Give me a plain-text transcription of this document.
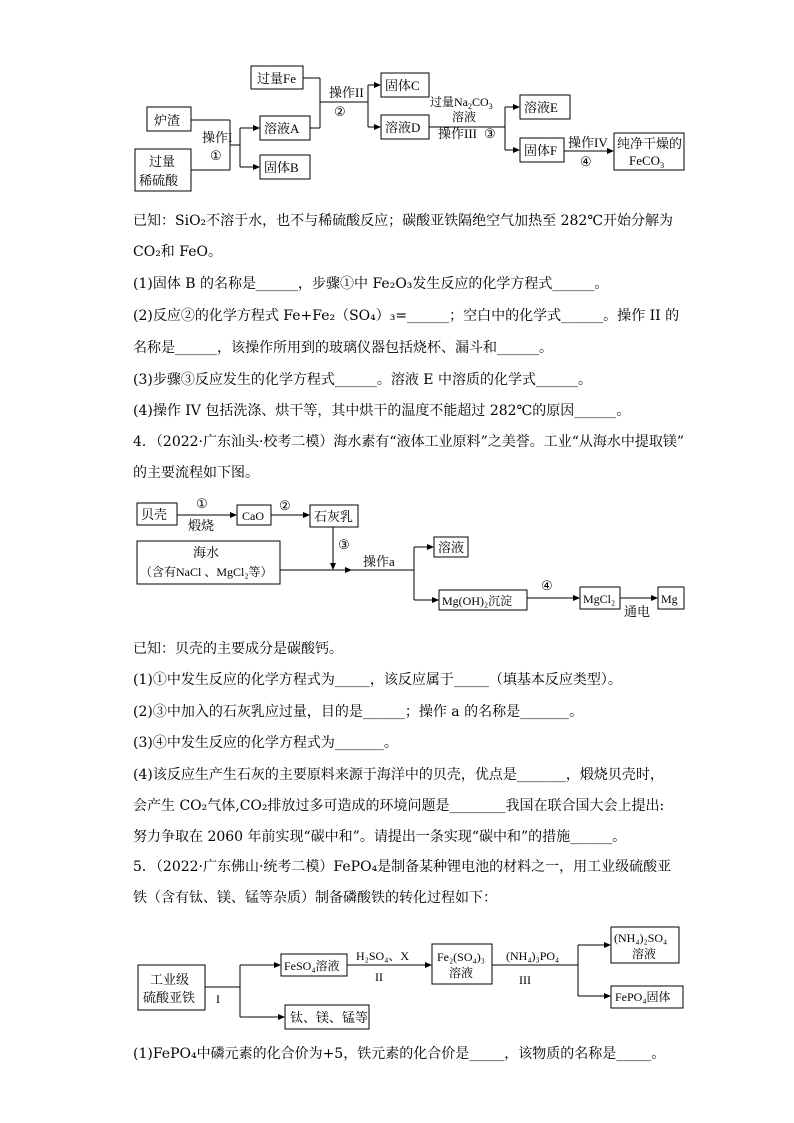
过量Fe
炉渣
过量
稀硫酸
操作I
①
溶液A
固体B
操作II
②
固体C
溶液D
过量$Na_2CO_3$
溶液
操作III ③
溶液E
固体F
操作IV
④
纯净干燥的
FeCO$_3$
已知：SiO₂不溶于水，也不与稀硫酸反应；碳酸亚铁隔绝空气加热至 282℃开始分解为
CO₂和 FeO。
(1)固体 B 的名称是______，步骤①中 Fe₂O₃发生反应的化学方程式______。
(2)反应②的化学方程式 Fe+Fe₂（SO₄）₃=______；空白中的化学式______。操作 II 的
名称是______，该操作所用到的玻璃仪器包括烧杯、漏斗和______。
(3)步骤③反应发生的化学方程式______。溶液 E 中溶质的化学式______。
(4)操作 IV 包括洗涤、烘干等，其中烘干的温度不能超过 282℃的原因______。
4．（2022·广东汕头·校考二模）海水素有“液体工业原料”之美誉。工业“从海水中提取镁”
的主要流程如下图。
贝壳
①
煅烧
CaO
②
石灰乳
海水
（含有NaCl 、MgCl₂等）
③
操作a
溶液
Mg(OH)₂沉淀
④
MgCl₂
通电
Mg
已知：贝壳的主要成分是碳酸钙。
(1)①中发生反应的化学方程式为_____，该反应属于_____（填基本反应类型）。
(2)③中加入的石灰乳应过量，目的是______；操作 a 的名称是_______。
(3)④中发生反应的化学方程式为_______。
(4)该反应生产生石灰的主要原料来源于海洋中的贝壳，优点是_______，煅烧贝壳时，
会产生 CO₂气体,CO₂排放过多可造成的环境问题是________我国在联合国大会上提出:
努力争取在 2060 年前实现“碳中和”。请提出一条实现“碳中和”的措施______。
5．（2022·广东佛山·统考二模）FePO₄是制备某种锂电池的材料之一，用工业级硫酸亚
铁（含有钛、镁、锰等杂质）制备磷酸铁的转化过程如下：
工业级
硫酸亚铁 I
FeSO₄溶液
H₂SO₄、X
II
Fe₂(SO₄)₃
溶液
(NH₄)₃PO₄
III
(NH₄)₂SO₄
溶液
FePO₄固体
钛、镁、锰等
(1)FePO₄中磷元素的化合价为+5，铁元素的化合价是_____，该物质的名称是_____。
